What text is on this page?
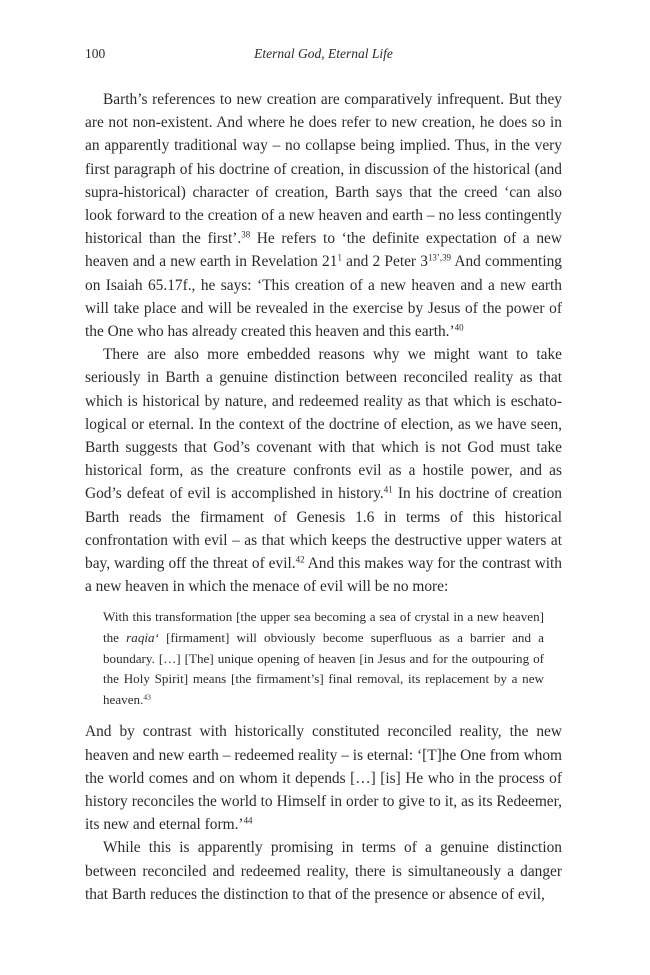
100	Eternal God, Eternal Life

Barth’s references to new creation are comparatively infrequent. But they are not non-existent. And where he does refer to new creation, he does so in an apparently traditional way – no collapse being implied. Thus, in the very first paragraph of his doctrine of creation, in discussion of the historical (and supra-historical) character of creation, Barth says that the creed ‘can also look forward to the creation of a new heaven and earth – no less contingently historical than the first’.$^{38}$ He refers to ‘the definite expectation of a new heaven and a new earth in Revelation $21^1$ and 2 Peter $3^{13’,39}$ And commenting on Isaiah 65.17f., he says: ‘This creation of a new heaven and a new earth will take place and will be revealed in the exercise by Jesus of the power of the One who has already created this heaven and this earth.’$^{40}$

There are also more embedded reasons why we might want to take seriously in Barth a genuine distinction between reconciled reality as that which is historical by nature, and redeemed reality as that which is eschatological or eternal. In the context of the doctrine of election, as we have seen, Barth suggests that God’s covenant with that which is not God must take historical form, as the creature confronts evil as a hostile power, and as God’s defeat of evil is accomplished in history.$^{41}$ In his doctrine of creation Barth reads the firmament of Genesis 1.6 in terms of this historical confrontation with evil – as that which keeps the destructive upper waters at bay, warding off the threat of evil.$^{42}$ And this makes way for the contrast with a new heaven in which the menace of evil will be no more:

With this transformation [the upper sea becoming a sea of crystal in a new heaven] the raqia‘ [firmament] will obviously become superfluous as a barrier and a boundary. […] [The] unique opening of heaven [in Jesus and for the outpouring of the Holy Spirit] means [the firmament’s] final removal, its replacement by a new heaven.$^{43}$

And by contrast with historically constituted reconciled reality, the new heaven and new earth – redeemed reality – is eternal: ‘[T]he One from whom the world comes and on whom it depends […] [is] He who in the process of history reconciles the world to Himself in order to give to it, as its Redeemer, its new and eternal form.’$^{44}$

While this is apparently promising in terms of a genuine distinction between reconciled and redeemed reality, there is simultaneously a danger that Barth reduces the distinction to that of the presence or absence of evil,
